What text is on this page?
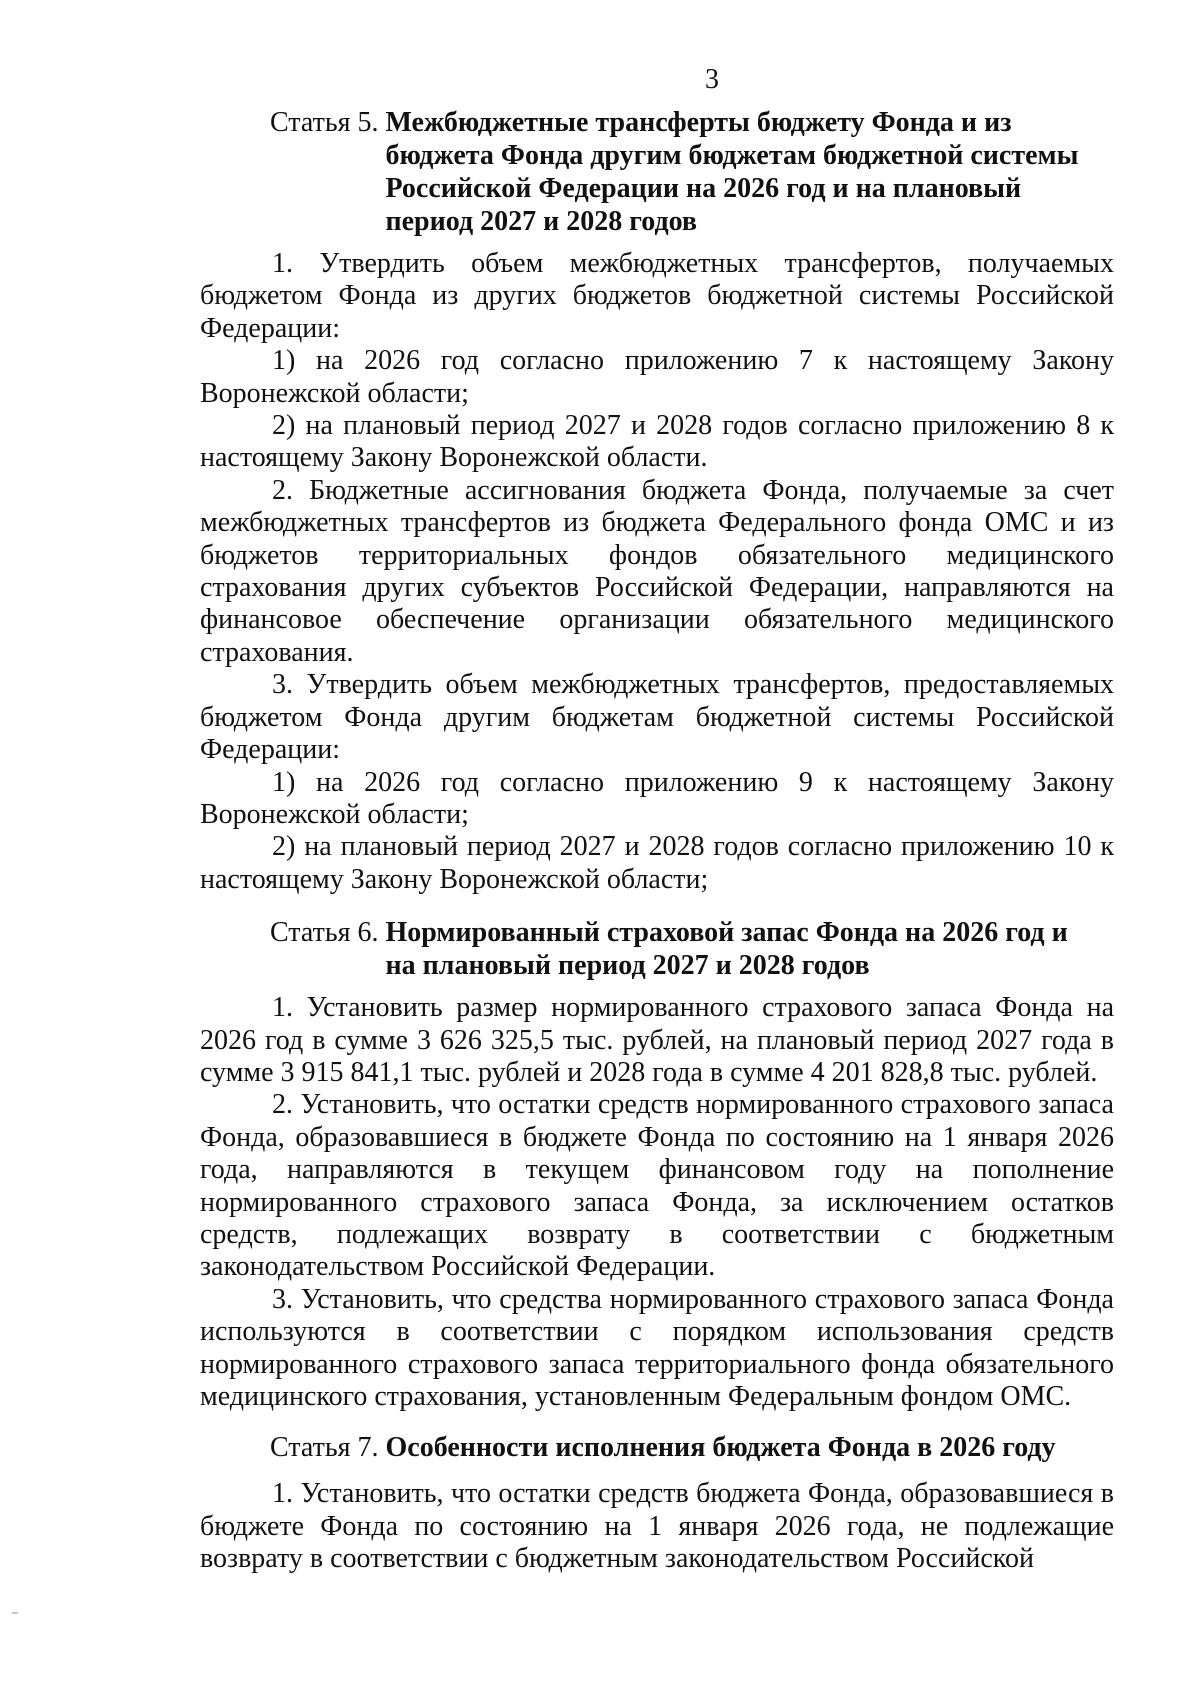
3
Статья 5. Межбюджетные трансферты бюджету Фонда и из
бюджета Фонда другим бюджетам бюджетной системы
Российской Федерации на 2026 год и на плановый
период 2027 и 2028 годов

1. Утвердить объем межбюджетных трансфертов, получаемых бюджетом Фонда из других бюджетов бюджетной системы Российской Федерации:

1) на 2026 год согласно приложению 7 к настоящему Закону Воронежской области;

2) на плановый период 2027 и 2028 годов согласно приложению 8 к настоящему Закону Воронежской области.

2. Бюджетные ассигнования бюджета Фонда, получаемые за счет межбюджетных трансфертов из бюджета Федерального фонда ОМС и из бюджетов территориальных фондов обязательного медицинского страхования других субъектов Российской Федерации, направляются на финансовое обеспечение организации обязательного медицинского страхования.

3. Утвердить объем межбюджетных трансфертов, предоставляемых бюджетом Фонда другим бюджетам бюджетной системы Российской Федерации:

1) на 2026 год согласно приложению 9 к настоящему Закону Воронежской области;

2) на плановый период 2027 и 2028 годов согласно приложению 10 к настоящему Закону Воронежской области;

Статья 6. Нормированный страховой запас Фонда на 2026 год и
на плановый период 2027 и 2028 годов

1. Установить размер нормированного страхового запаса Фонда на 2026 год в сумме 3 626 325,5 тыс. рублей, на плановый период 2027 года в сумме 3 915 841,1 тыс. рублей и 2028 года в сумме 4 201 828,8 тыс. рублей.

2. Установить, что остатки средств нормированного страхового запаса Фонда, образовавшиеся в бюджете Фонда по состоянию на 1 января 2026 года, направляются в текущем финансовом году на пополнение нормированного страхового запаса Фонда, за исключением остатков средств, подлежащих возврату в соответствии с бюджетным законодательством Российской Федерации.

3. Установить, что средства нормированного страхового запаса Фонда используются в соответствии с порядком использования средств нормированного страхового запаса территориального фонда обязательного медицинского страхования, установленным Федеральным фондом ОМС.

Статья 7. Особенности исполнения бюджета Фонда в 2026 году

1. Установить, что остатки средств бюджета Фонда, образовавшиеся в бюджете Фонда по состоянию на 1 января 2026 года, не подлежащие возврату в соответствии с бюджетным законодательством Российской
